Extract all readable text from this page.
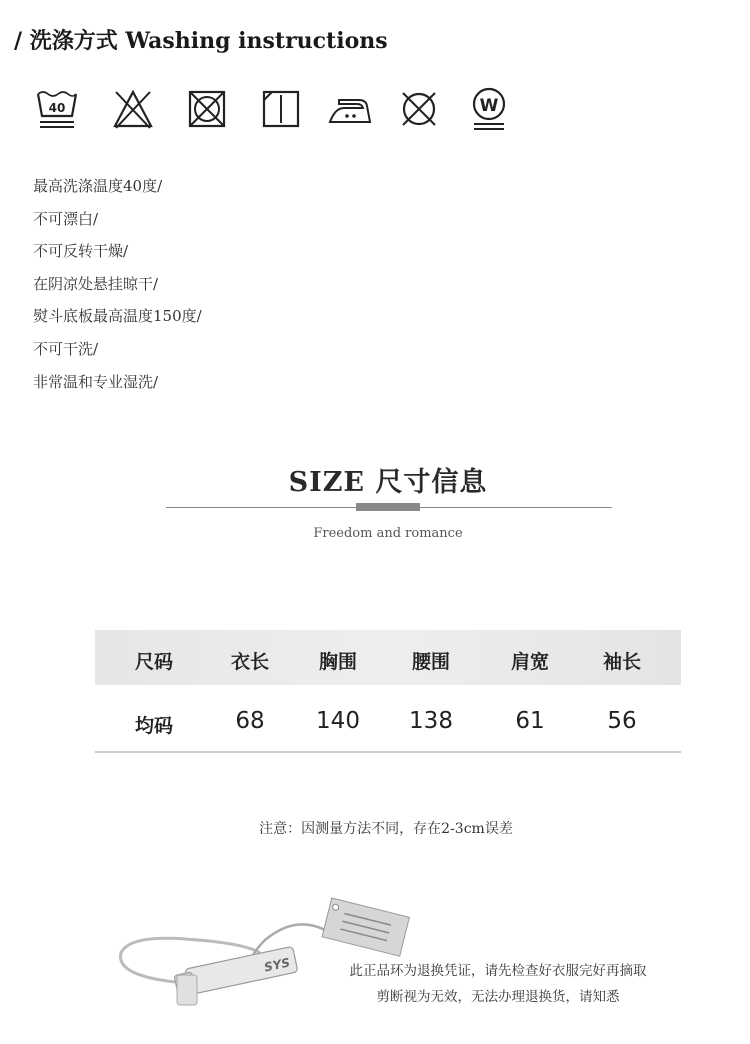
/ 洗涤方式 Washing instructions
40	W
最高洗涤温度40度/
不可漂白/
不可反转干燥/
在阴凉处悬挂晾干/
熨斗底板最高温度150度/
不可干洗/
非常温和专业湿洗/
SIZE 尺寸信息
Freedom and romance
尺码	衣长	胸围	腰围	肩宽	袖长
均码	68	140	138	61	56
注意：因测量方法不同，存在2-3cm误差
SYS	此正品环为退换凭证，请先检查好衣服完好再摘取
剪断视为无效，无法办理退换货，请知悉
